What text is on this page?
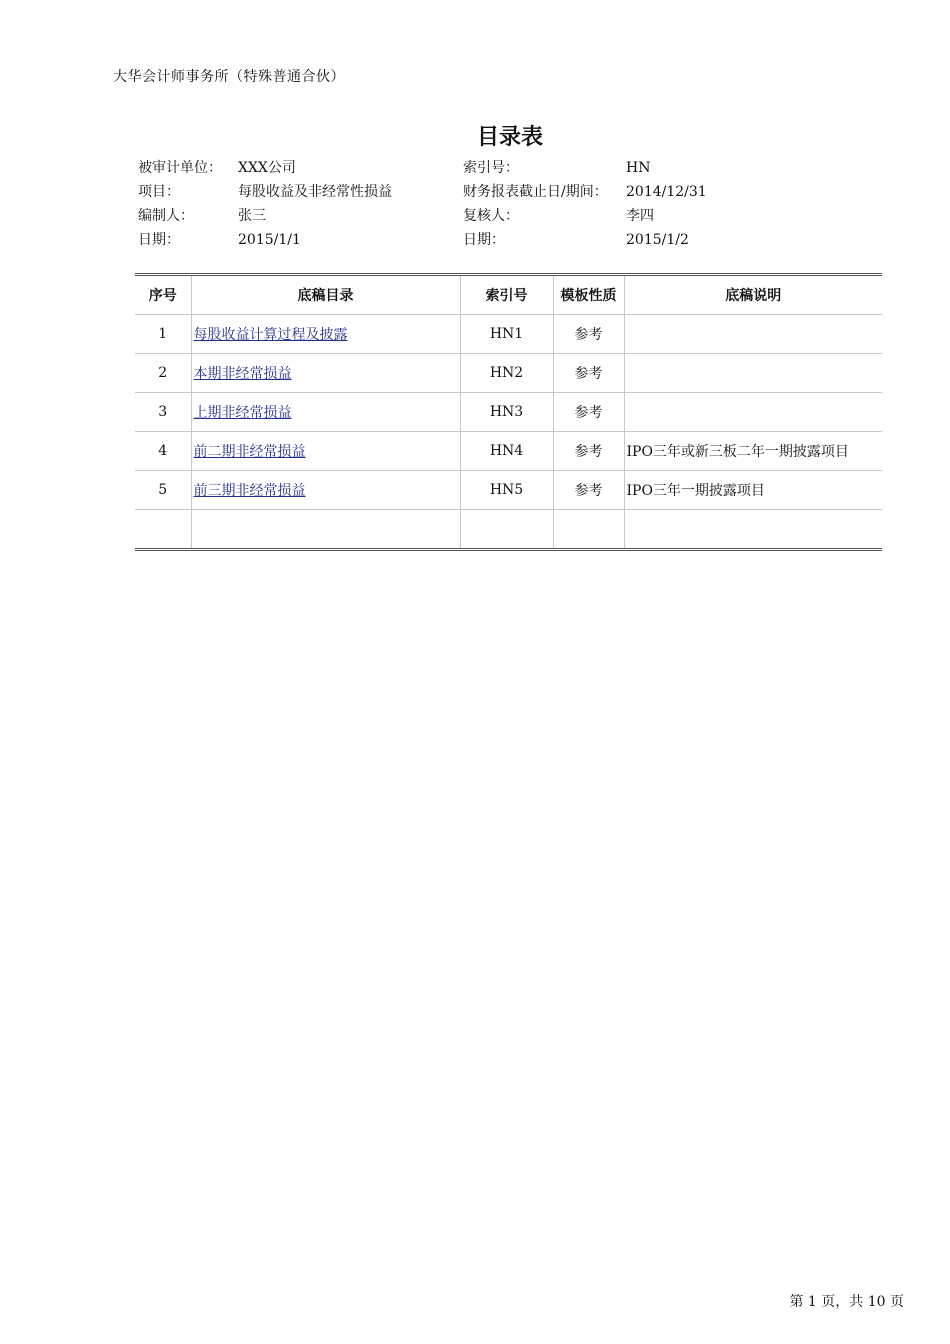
大华会计师事务所（特殊普通合伙）
目录表
被审计单位： XXX公司	索引号：	HN
项目：	每股收益及非经常性损益	财务报表截止日/期间： 2014/12/31
编制人：	张三	复核人：	李四
日期：	2015/1/1	日期：	2015/1/2
序号	底稿目录	索引号	模板性质	底稿说明
1	每股收益计算过程及披露	HN1	参考	
2	本期非经常损益	HN2	参考	
3	上期非经常损益	HN3	参考	
4	前二期非经常损益	HN4	参考	IPO三年或新三板二年一期披露项目
5	前三期非经常损益	HN5	参考	IPO三年一期披露项目

第 1 页，共 10 页
